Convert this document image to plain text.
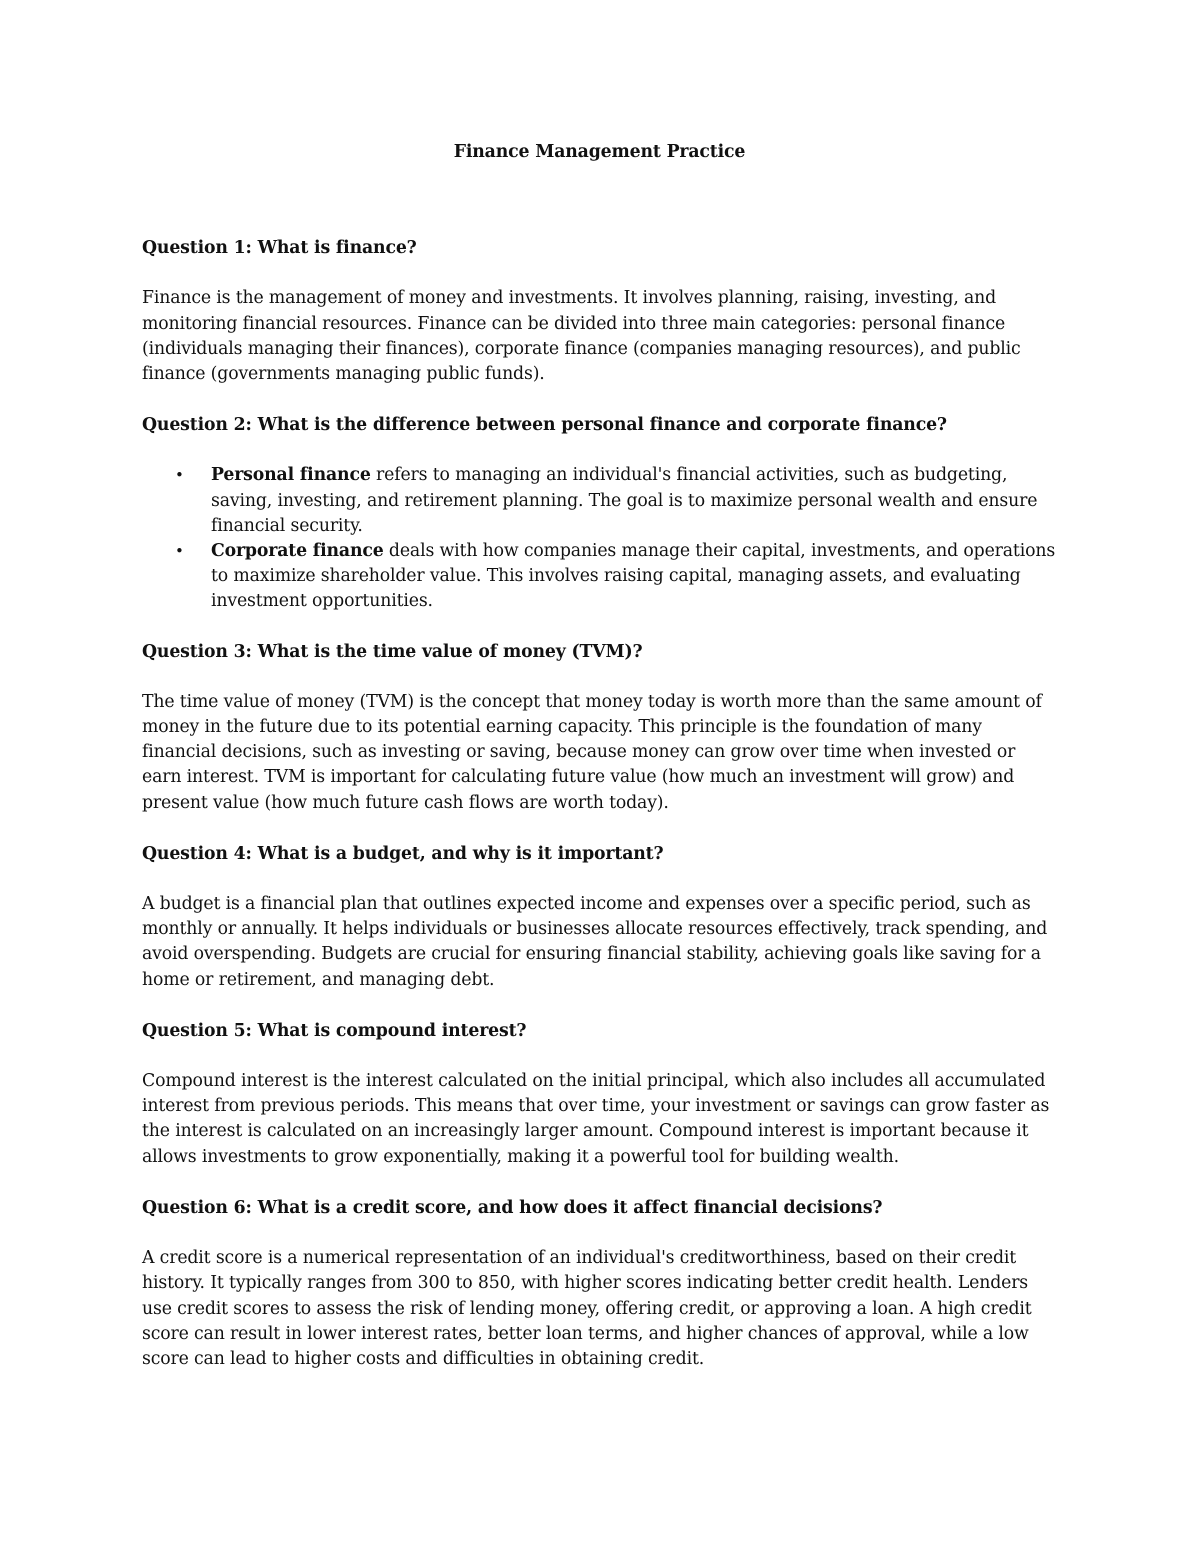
Finance Management Practice
Question 1: What is finance?
Finance is the management of money and investments. It involves planning, raising, investing, and monitoring financial resources. Finance can be divided into three main categories: personal finance (individuals managing their finances), corporate finance (companies managing resources), and public finance (governments managing public funds).
Question 2: What is the difference between personal finance and corporate finance?
• Personal finance refers to managing an individual's financial activities, such as budgeting, saving, investing, and retirement planning. The goal is to maximize personal wealth and ensure financial security.
• Corporate finance deals with how companies manage their capital, investments, and operations to maximize shareholder value. This involves raising capital, managing assets, and evaluating investment opportunities.
Question 3: What is the time value of money (TVM)?
The time value of money (TVM) is the concept that money today is worth more than the same amount of money in the future due to its potential earning capacity. This principle is the foundation of many financial decisions, such as investing or saving, because money can grow over time when invested or earn interest. TVM is important for calculating future value (how much an investment will grow) and present value (how much future cash flows are worth today).
Question 4: What is a budget, and why is it important?
A budget is a financial plan that outlines expected income and expenses over a specific period, such as monthly or annually. It helps individuals or businesses allocate resources effectively, track spending, and avoid overspending. Budgets are crucial for ensuring financial stability, achieving goals like saving for a home or retirement, and managing debt.
Question 5: What is compound interest?
Compound interest is the interest calculated on the initial principal, which also includes all accumulated interest from previous periods. This means that over time, your investment or savings can grow faster as the interest is calculated on an increasingly larger amount. Compound interest is important because it allows investments to grow exponentially, making it a powerful tool for building wealth.
Question 6: What is a credit score, and how does it affect financial decisions?
A credit score is a numerical representation of an individual's creditworthiness, based on their credit history. It typically ranges from 300 to 850, with higher scores indicating better credit health. Lenders use credit scores to assess the risk of lending money, offering credit, or approving a loan. A high credit score can result in lower interest rates, better loan terms, and higher chances of approval, while a low score can lead to higher costs and difficulties in obtaining credit.
